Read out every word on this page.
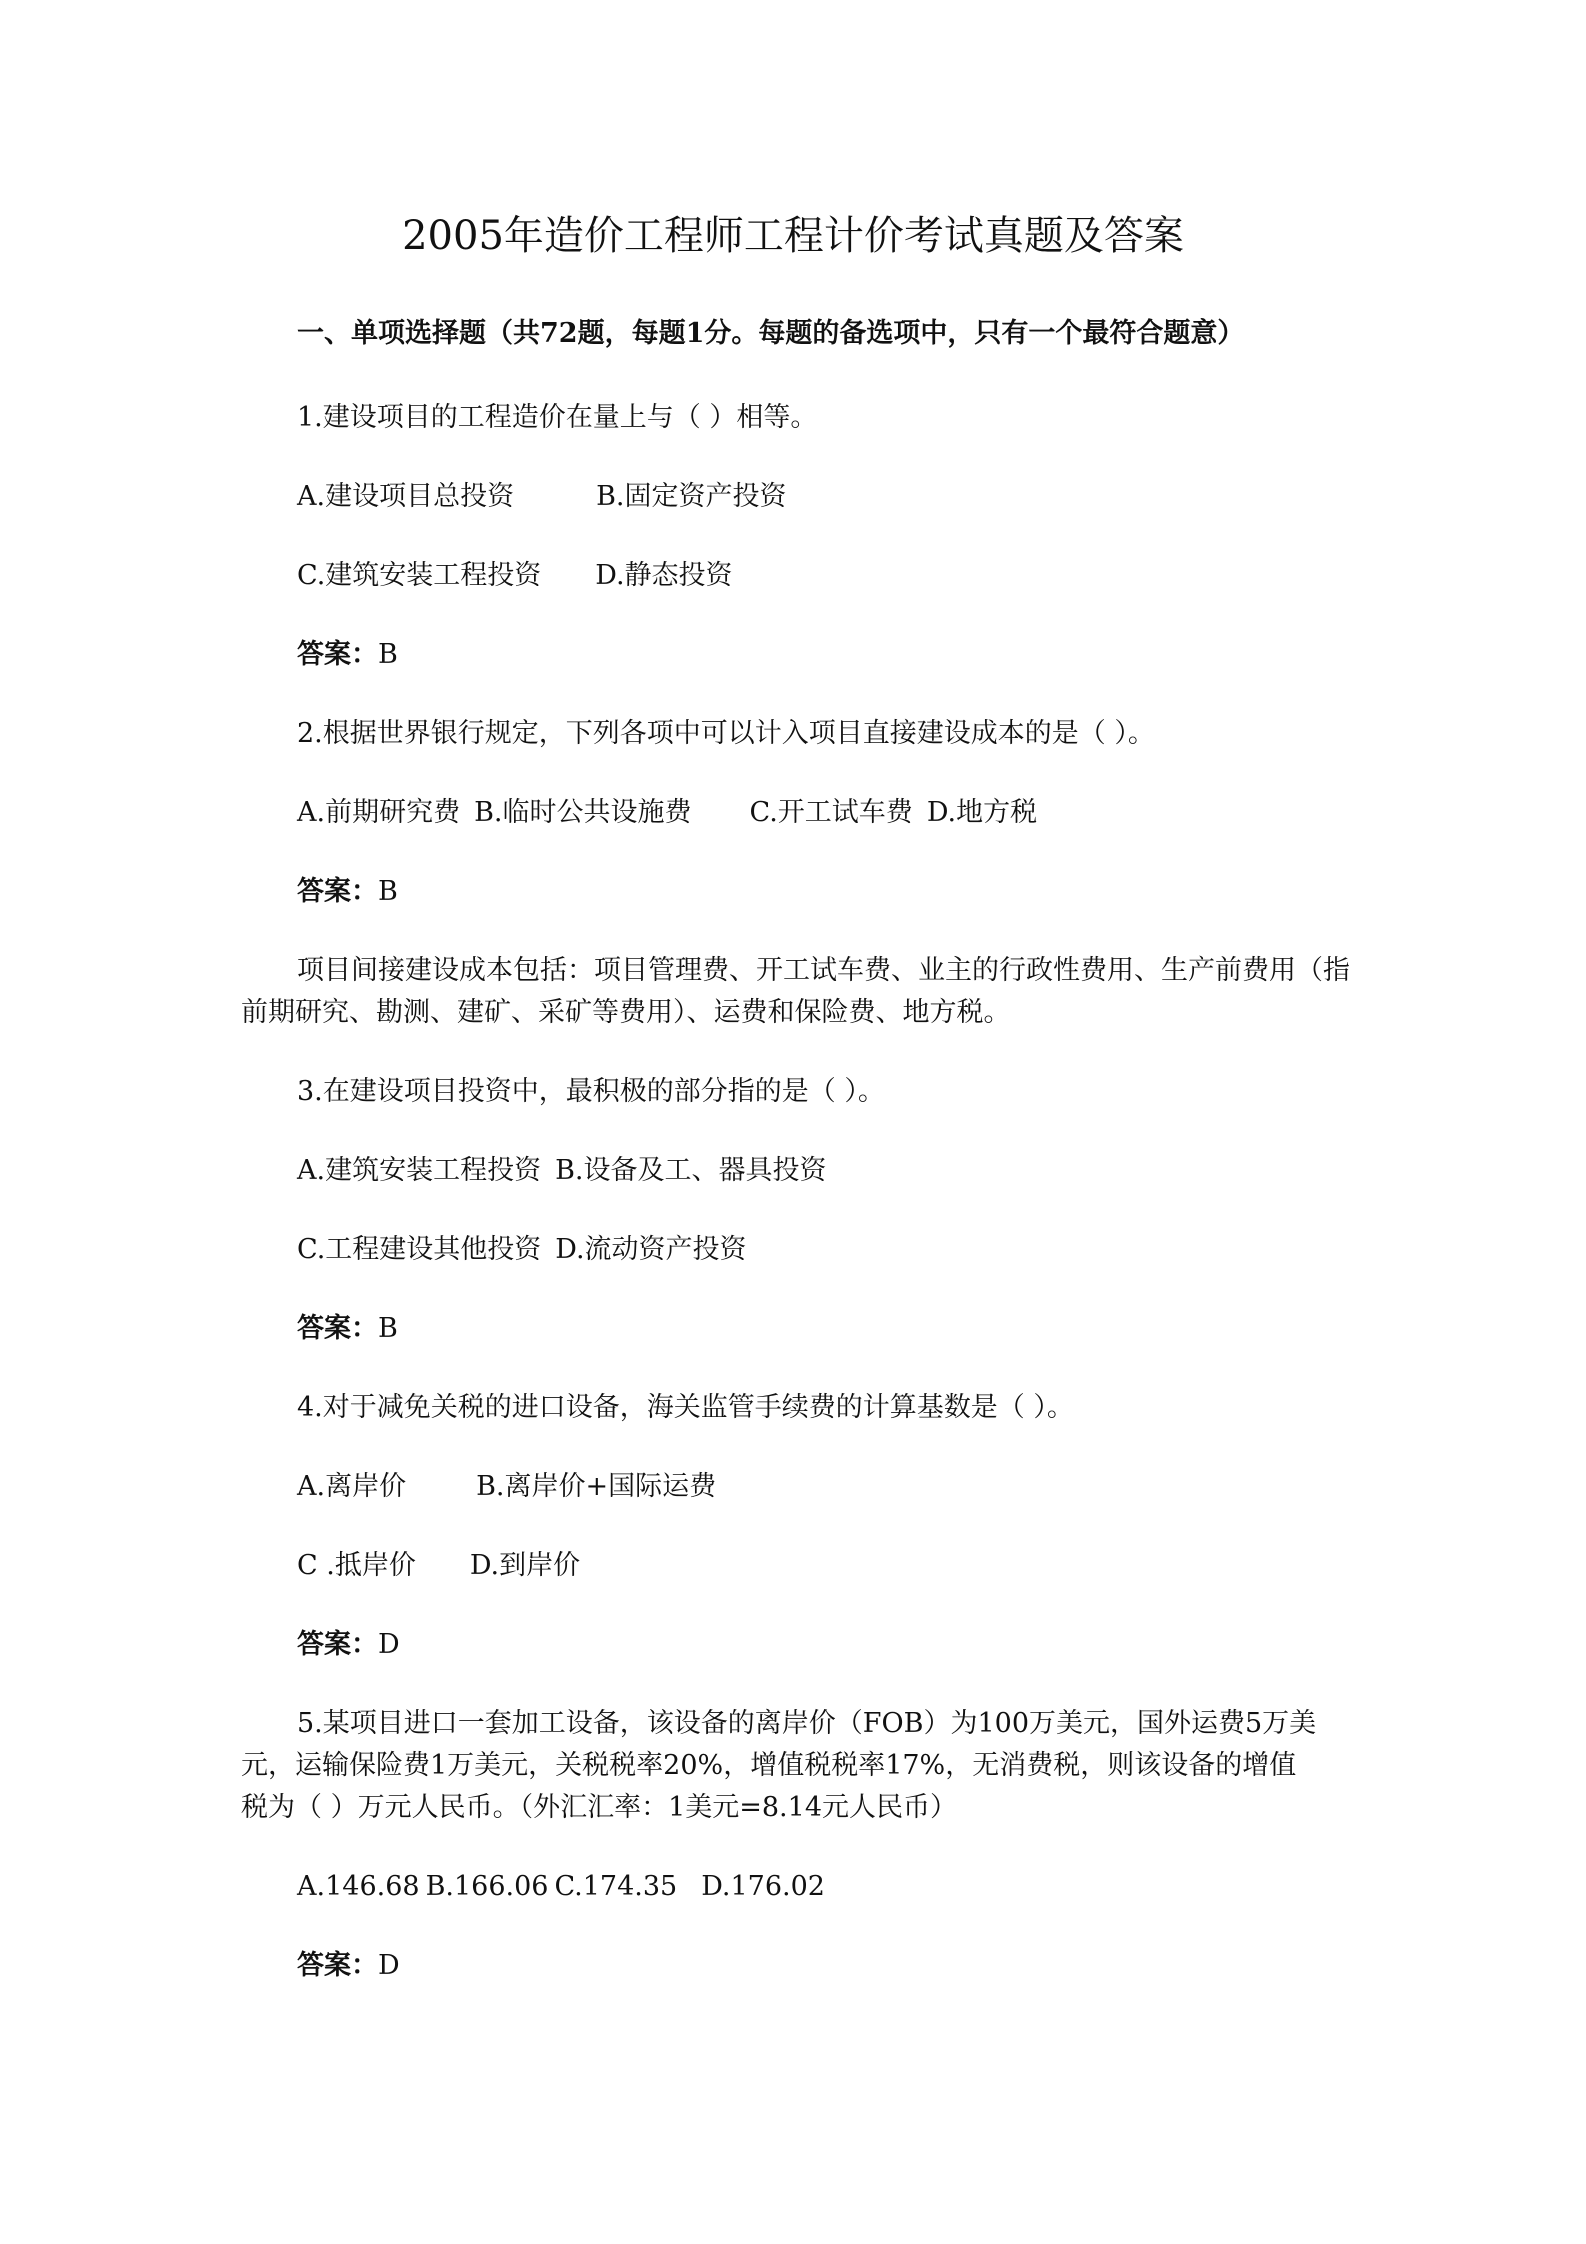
2005年造价工程师工程计价考试真题及答案
一、单项选择题（共72题，每题1分。每题的备选项中，只有一个最符合题意）
1.建设项目的工程造价在量上与（ ）相等。
A.建设项目总投资	B.固定资产投资
C.建筑安装工程投资 D.静态投资
答案：B
2.根据世界银行规定，下列各项中可以计入项目直接建设成本的是（ ）。
A.前期研究费 B.临时公共设施费 C.开工试车费 D.地方税
答案：B
项目间接建设成本包括：项目管理费、开工试车费、业主的行政性费用、生产前费用（指
前期研究、勘测、建矿、采矿等费用）、运费和保险费、地方税。
3.在建设项目投资中，最积极的部分指的是（ ）。
A.建筑安装工程投资 B.设备及工、器具投资
C.工程建设其他投资 D.流动资产投资
答案：B
4.对于减免关税的进口设备，海关监管手续费的计算基数是（ ）。
A.离岸价	B.离岸价+国际运费
C .抵岸价 D.到岸价
答案：D
5.某项目进口一套加工设备，该设备的离岸价（FOB）为100万美元，国外运费5万美
元，运输保险费1万美元，关税税率20%，增值税税率17%，无消费税，则该设备的增值
税为（ ）万元人民币。（外汇汇率：1美元=8.14元人民币）
A.146.68 B.166.06 C.174.35 D.176.02
答案：D
